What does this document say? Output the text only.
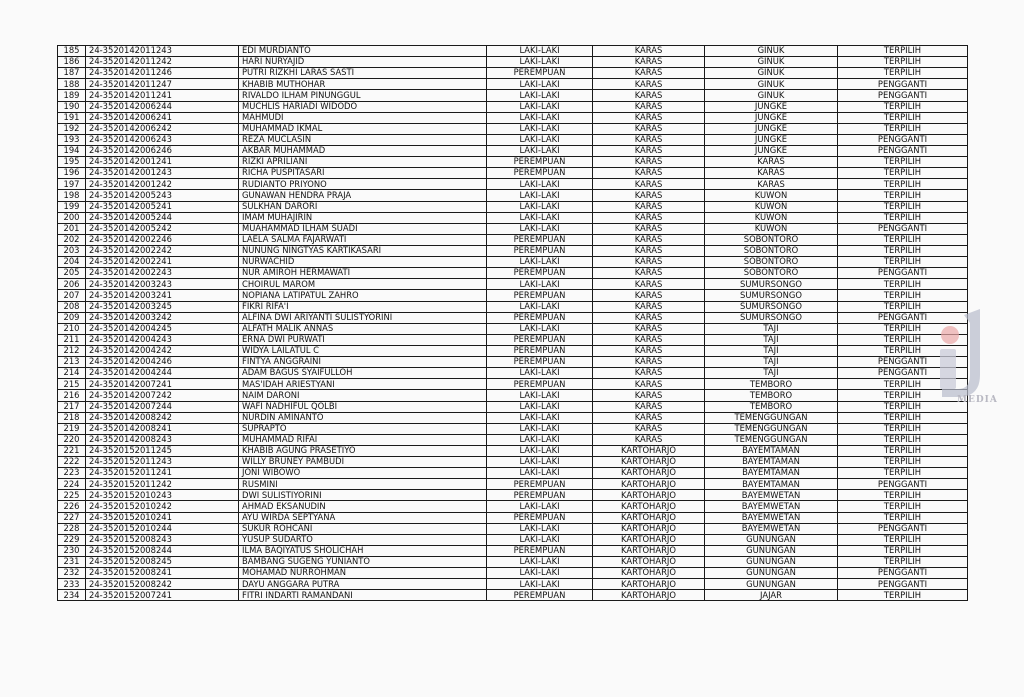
185	24-3520142011243	EDI MURDIANTO	LAKI-LAKI	KARAS	GINUK	TERPILIH
186	24-3520142011242	HARI NURYAJID	LAKI-LAKI	KARAS	GINUK	TERPILIH
187	24-3520142011246	PUTRI RIZKHI LARAS SASTI	PEREMPUAN	KARAS	GINUK	TERPILIH
188	24-3520142011247	KHABIB MUTHOHAR	LAKI-LAKI	KARAS	GINUK	PENGGANTI
189	24-3520142011241	RIVALDO ILHAM PINUNGGUL	LAKI-LAKI	KARAS	GINUK	PENGGANTI
190	24-3520142006244	MUCHLIS HARIADI WIDODO	LAKI-LAKI	KARAS	JUNGKE	TERPILIH
191	24-3520142006241	MAHMUDI	LAKI-LAKI	KARAS	JUNGKE	TERPILIH
192	24-3520142006242	MUHAMMAD IKMAL	LAKI-LAKI	KARAS	JUNGKE	TERPILIH
193	24-3520142006243	REZA MUCLASIN	LAKI-LAKI	KARAS	JUNGKE	PENGGANTI
194	24-3520142006246	AKBAR MUHAMMAD	LAKI-LAKI	KARAS	JUNGKE	PENGGANTI
195	24-3520142001241	RIZKI APRILIANI	PEREMPUAN	KARAS	KARAS	TERPILIH
196	24-3520142001243	RICHA PUSPITASARI	PEREMPUAN	KARAS	KARAS	TERPILIH
197	24-3520142001242	RUDIANTO PRIYONO	LAKI-LAKI	KARAS	KARAS	TERPILIH
198	24-3520142005243	GUNAWAN HENDRA PRAJA	LAKI-LAKI	KARAS	KUWON	TERPILIH
199	24-3520142005241	SULKHAN DARORI	LAKI-LAKI	KARAS	KUWON	TERPILIH
200	24-3520142005244	IMAM MUHAJIRIN	LAKI-LAKI	KARAS	KUWON	TERPILIH
201	24-3520142005242	MUAHAMMAD ILHAM SUADI	LAKI-LAKI	KARAS	KUWON	PENGGANTI
202	24-3520142002246	LAELA SALMA FAJARWATI	PEREMPUAN	KARAS	SOBONTORO	TERPILIH
203	24-3520142002242	NUNUNG NINGTYAS KARTIKASARI	PEREMPUAN	KARAS	SOBONTORO	TERPILIH
204	24-3520142002241	NURWACHID	LAKI-LAKI	KARAS	SOBONTORO	TERPILIH
205	24-3520142002243	NUR AMIROH HERMAWATI	PEREMPUAN	KARAS	SOBONTORO	PENGGANTI
206	24-3520142003243	CHOIRUL MAROM	LAKI-LAKI	KARAS	SUMURSONGO	TERPILIH
207	24-3520142003241	NOPIANA LATIPATUL ZAHRO	PEREMPUAN	KARAS	SUMURSONGO	TERPILIH
208	24-3520142003245	FIKRI RIFA'I	LAKI-LAKI	KARAS	SUMURSONGO	TERPILIH
209	24-3520142003242	ALFINA DWI ARIYANTI SULISTYORINI	PEREMPUAN	KARAS	SUMURSONGO	PENGGANTI
210	24-3520142004245	ALFATH MALIK ANNAS	LAKI-LAKI	KARAS	TAJI	TERPILIH
211	24-3520142004243	ERNA DWI PURWATI	PEREMPUAN	KARAS	TAJI	TERPILIH
212	24-3520142004242	WIDYA LAILATUL C	PEREMPUAN	KARAS	TAJI	TERPILIH
213	24-3520142004246	FINTYA ANGGRAINI	PEREMPUAN	KARAS	TAJI	PENGGANTI
214	24-3520142004244	ADAM BAGUS SYAIFULLOH	LAKI-LAKI	KARAS	TAJI	PENGGANTI
215	24-3520142007241	MAS'IDAH ARIESTYANI	PEREMPUAN	KARAS	TEMBORO	TERPILIH
216	24-3520142007242	NAIM DARONI	LAKI-LAKI	KARAS	TEMBORO	TERPILIH
217	24-3520142007244	WAFI NADHIFUL QOLBI	LAKI-LAKI	KARAS	TEMBORO	TERPILIH
218	24-3520142008242	NURDIN AMINANTO	LAKI-LAKI	KARAS	TEMENGGUNGAN	TERPILIH
219	24-3520142008241	SUPRAPTO	LAKI-LAKI	KARAS	TEMENGGUNGAN	TERPILIH
220	24-3520142008243	MUHAMMAD RIFAI	LAKI-LAKI	KARAS	TEMENGGUNGAN	TERPILIH
221	24-3520152011245	KHABIB AGUNG PRASETIYO	LAKI-LAKI	KARTOHARJO	BAYEMTAMAN	TERPILIH
222	24-3520152011243	WILLY BRUNEY PAMBUDI	LAKI-LAKI	KARTOHARJO	BAYEMTAMAN	TERPILIH
223	24-3520152011241	JONI WIBOWO	LAKI-LAKI	KARTOHARJO	BAYEMTAMAN	TERPILIH
224	24-3520152011242	RUSMINI	PEREMPUAN	KARTOHARJO	BAYEMTAMAN	PENGGANTI
225	24-3520152010243	DWI SULISTIYORINI	PEREMPUAN	KARTOHARJO	BAYEMWETAN	TERPILIH
226	24-3520152010242	AHMAD EKSANUDIN	LAKI-LAKI	KARTOHARJO	BAYEMWETAN	TERPILIH
227	24-3520152010241	AYU WIRDA SEPTYANA	PEREMPUAN	KARTOHARJO	BAYEMWETAN	TERPILIH
228	24-3520152010244	SUKUR ROHCANI	LAKI-LAKI	KARTOHARJO	BAYEMWETAN	PENGGANTI
229	24-3520152008243	YUSUP SUDARTO	LAKI-LAKI	KARTOHARJO	GUNUNGAN	TERPILIH
230	24-3520152008244	ILMA BAQIYATUS SHOLICHAH	PEREMPUAN	KARTOHARJO	GUNUNGAN	TERPILIH
231	24-3520152008245	BAMBANG SUGENG YUNIANTO	LAKI-LAKI	KARTOHARJO	GUNUNGAN	TERPILIH
232	24-3520152008241	MOHAMAD NURROHMAN	LAKI-LAKI	KARTOHARJO	GUNUNGAN	PENGGANTI
233	24-3520152008242	DAYU ANGGARA PUTRA	LAKI-LAKI	KARTOHARJO	GUNUNGAN	PENGGANTI
234	24-3520152007241	FITRI INDARTI RAMANDANI	PEREMPUAN	KARTOHARJO	JAJAR	TERPILIH
MEDIA
